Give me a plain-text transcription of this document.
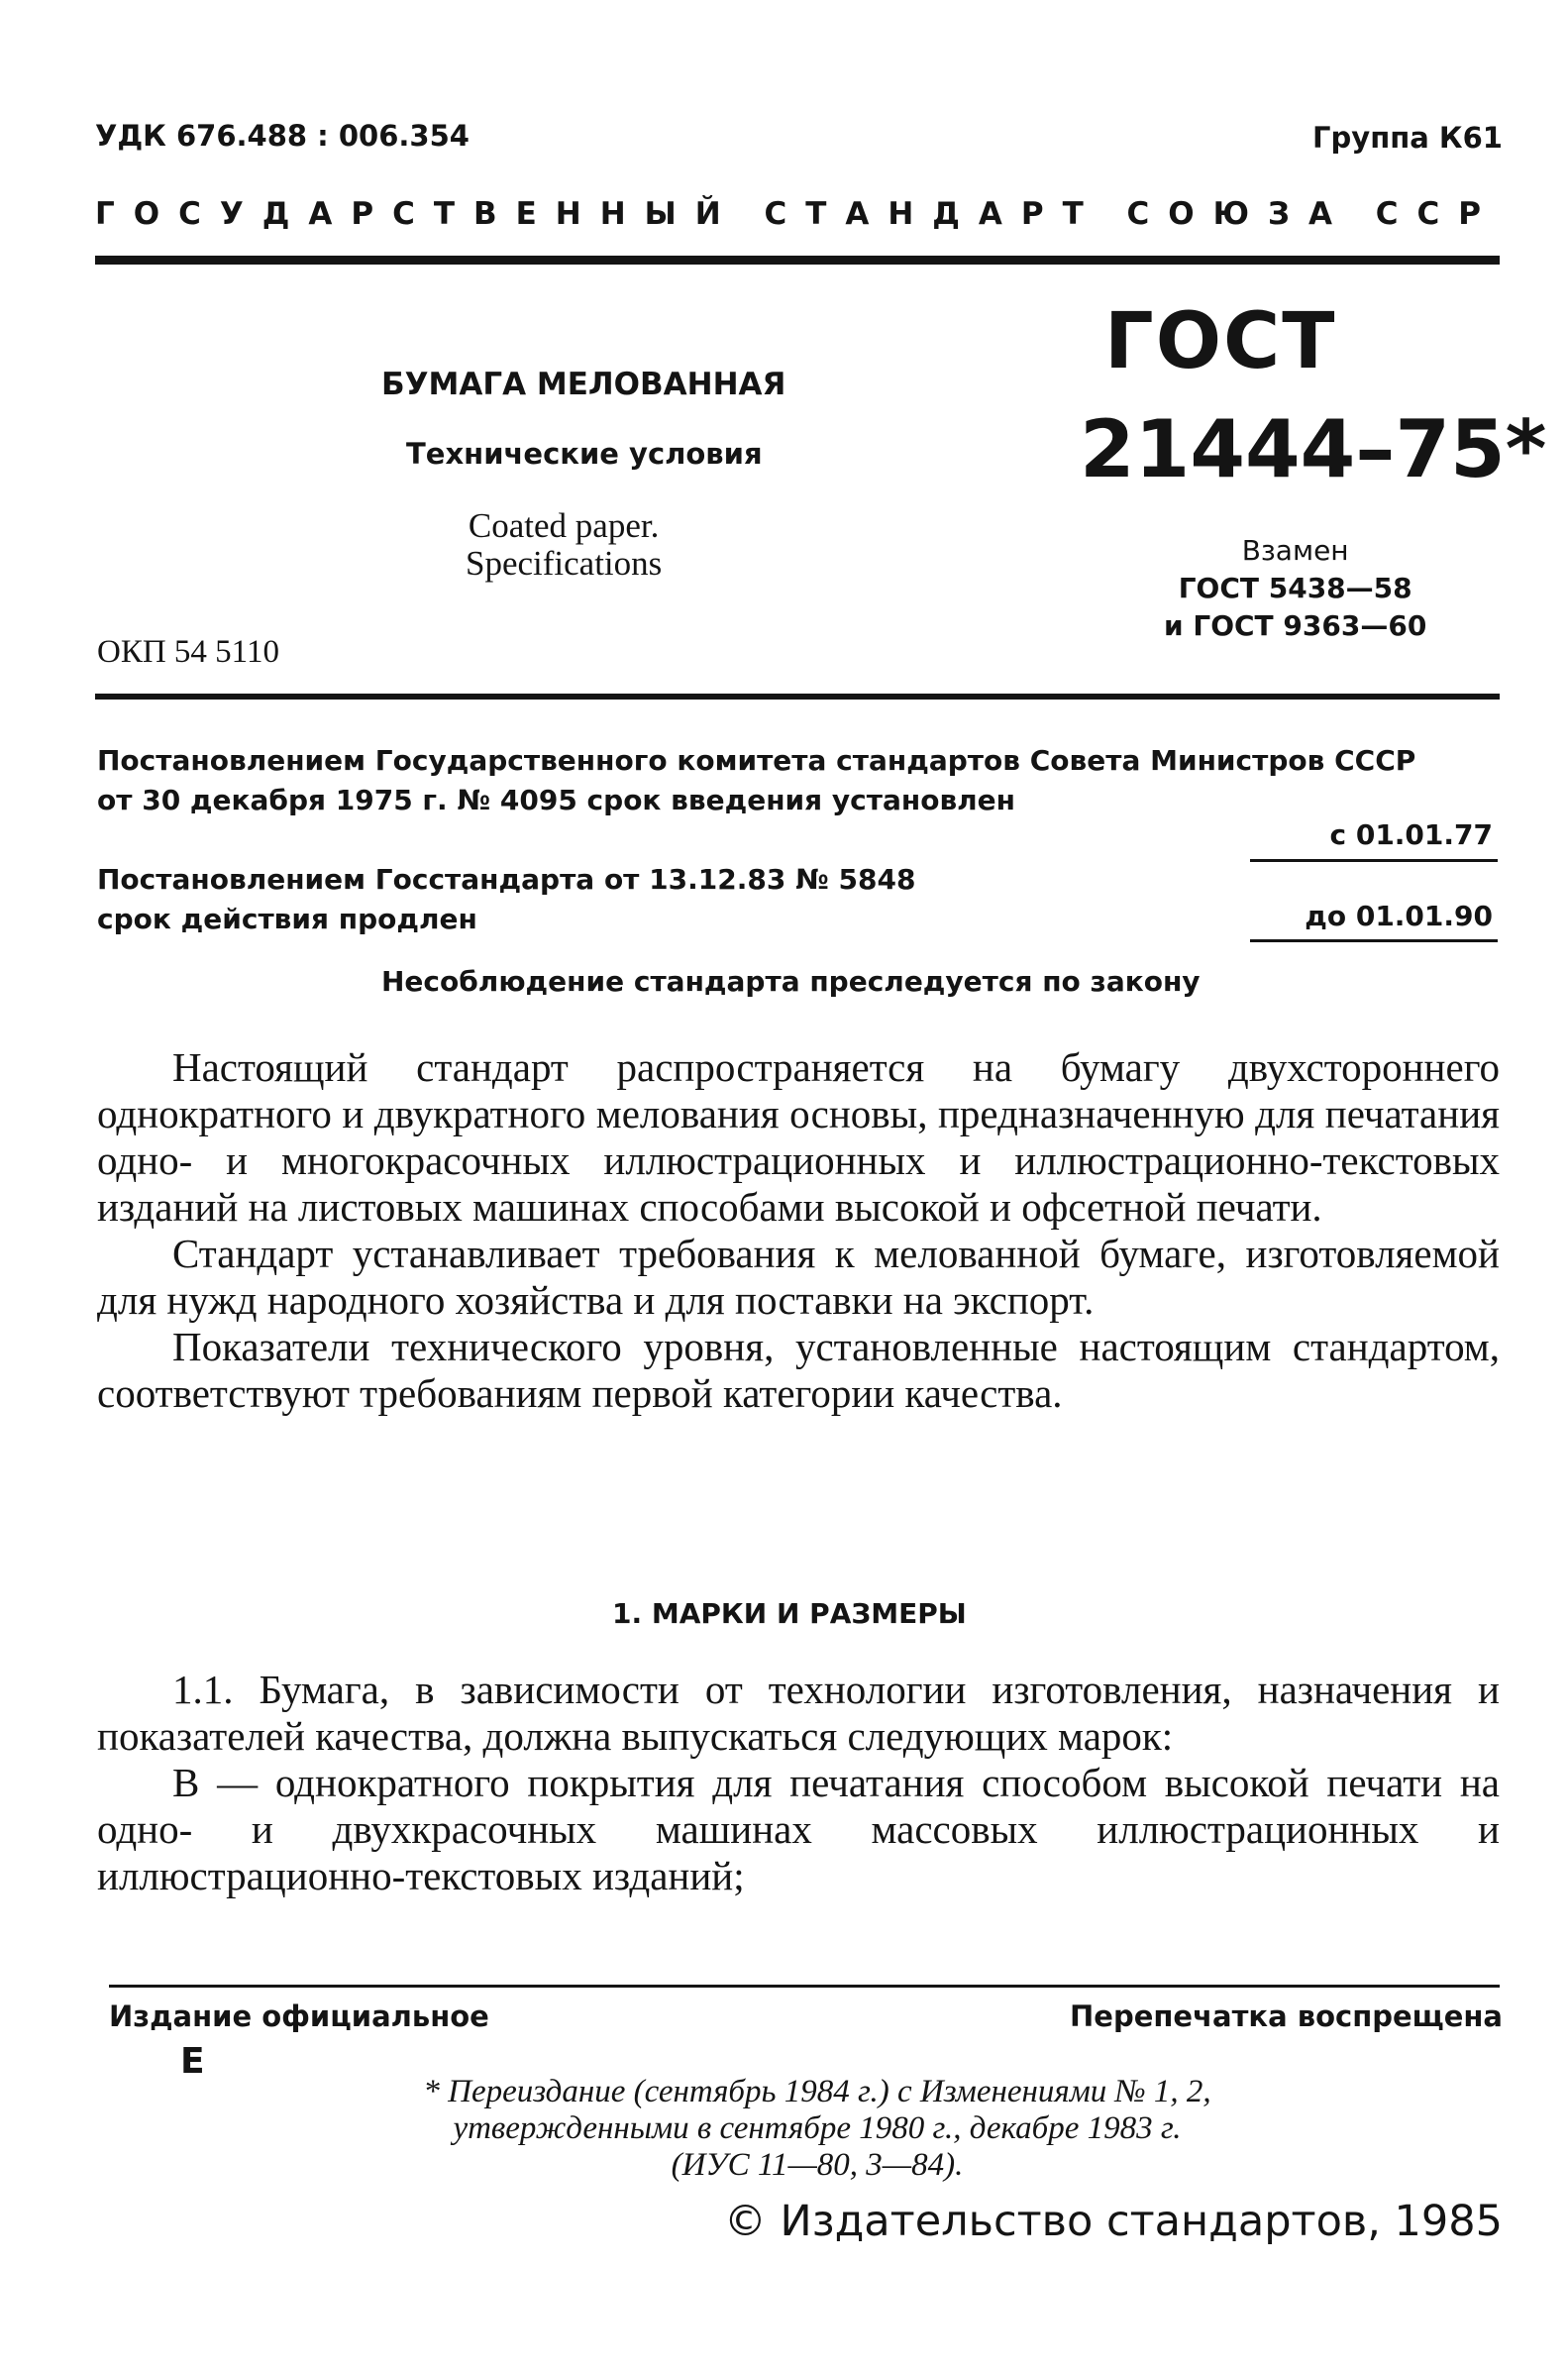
УДК 676.488 : 006.354	Группа К61
ГОСУДАРСТВЕННЫЙ СТАНДАРТ СОЮЗА ССР
БУМАГА МЕЛОВАННАЯ
Технические условия
Coated paper.
Specifications
ОКП 54 5110
ГОСТ
21444–75*
Взамен
ГОСТ 5438—58
и ГОСТ 9363—60
Постановлением Государственного комитета стандартов Совета Министров СССР
от 30 декабря 1975 г. № 4095 срок введения установлен
с 01.01.77
Постановлением Госстандарта от 13.12.83 № 5848
срок действия продлен	до 01.01.90
Несоблюдение стандарта преследуется по закону

Настоящий стандарт распространяется на бумагу двухстороннего однократного и двукратного мелования основы, предназначенную для печатания одно- и многокрасочных иллюстрационных и иллюстрационно-текстовых изданий на листовых машинах способами высокой и офсетной печати.

Стандарт устанавливает требования к мелованной бумаге, изготовляемой для нужд народного хозяйства и для поставки на экспорт.

Показатели технического уровня, установленные настоящим стандартом, соответствуют требованиям первой категории качества.

1. МАРКИ И РАЗМЕРЫ

1.1. Бумага, в зависимости от технологии изготовления, назначения и показателей качества, должна выпускаться следующих марок:

В — однократного покрытия для печатания способом высокой печати на одно- и двухкрасочных машинах массовых иллюстрационных и иллюстрационно-текстовых изданий;

Издание официальное
Е
Перепечатка воспрещена
* Переиздание (сентябрь 1984 г.) с Изменениями № 1, 2,
утвержденными в сентябре 1980 г., декабре 1983 г.
(ИУС 11—80, 3—84).
© Издательство стандартов, 1985
